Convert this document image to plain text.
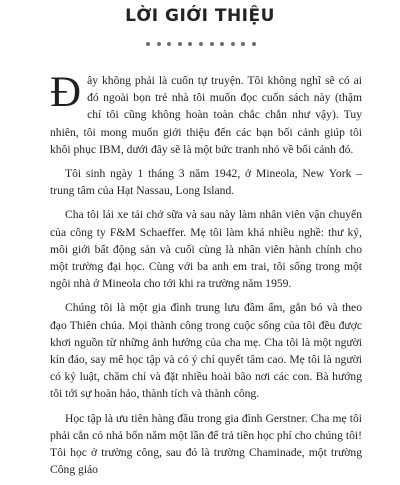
LỜI GIỚI THIỆU

Đây không phải là cuốn tự truyện. Tôi không nghĩ sẽ có ai đó ngoài bọn trẻ nhà tôi muốn đọc cuốn sách này (thậm chí tôi cũng không hoàn toàn chắc chắn như vậy). Tuy nhiên, tôi mong muốn giới thiệu đến các bạn bối cảnh giúp tôi khôi phục IBM, dưới đây sẽ là một bức tranh nhỏ về bối cảnh đó.

Tôi sinh ngày 1 tháng 3 năm 1942, ở Mineola, New York – trung tâm của Hạt Nassau, Long Island.

Cha tôi lái xe tải chở sữa và sau này làm nhân viên vận chuyển của công ty F&M Schaeffer. Mẹ tôi làm khá nhiều nghề: thư ký, môi giới bất động sản và cuối cùng là nhân viên hành chính cho một trường đại học. Cùng với ba anh em trai, tôi sống trong một ngôi nhà ở Mineola cho tới khi ra trường năm 1959.

Chúng tôi là một gia đình trung lưu đầm ấm, gắn bó và theo đạo Thiên chúa. Mọi thành công trong cuộc sống của tôi đều được khơi nguồn từ những ảnh hưởng của cha mẹ. Cha tôi là một người kín đáo, say mê học tập và có ý chí quyết tâm cao. Mẹ tôi là người có kỷ luật, chăm chỉ và đặt nhiều hoài bão nơi các con. Bà hướng tôi tới sự hoàn hảo, thành tích và thành công.

Học tập là ưu tiên hàng đầu trong gia đình Gerstner. Cha mẹ tôi phải cắn cỏ nhả bốn năm một lần để trả tiền học phí cho chúng tôi! Tôi học ở trường công, sau đó là trường Chaminade, một trường Công giáo
